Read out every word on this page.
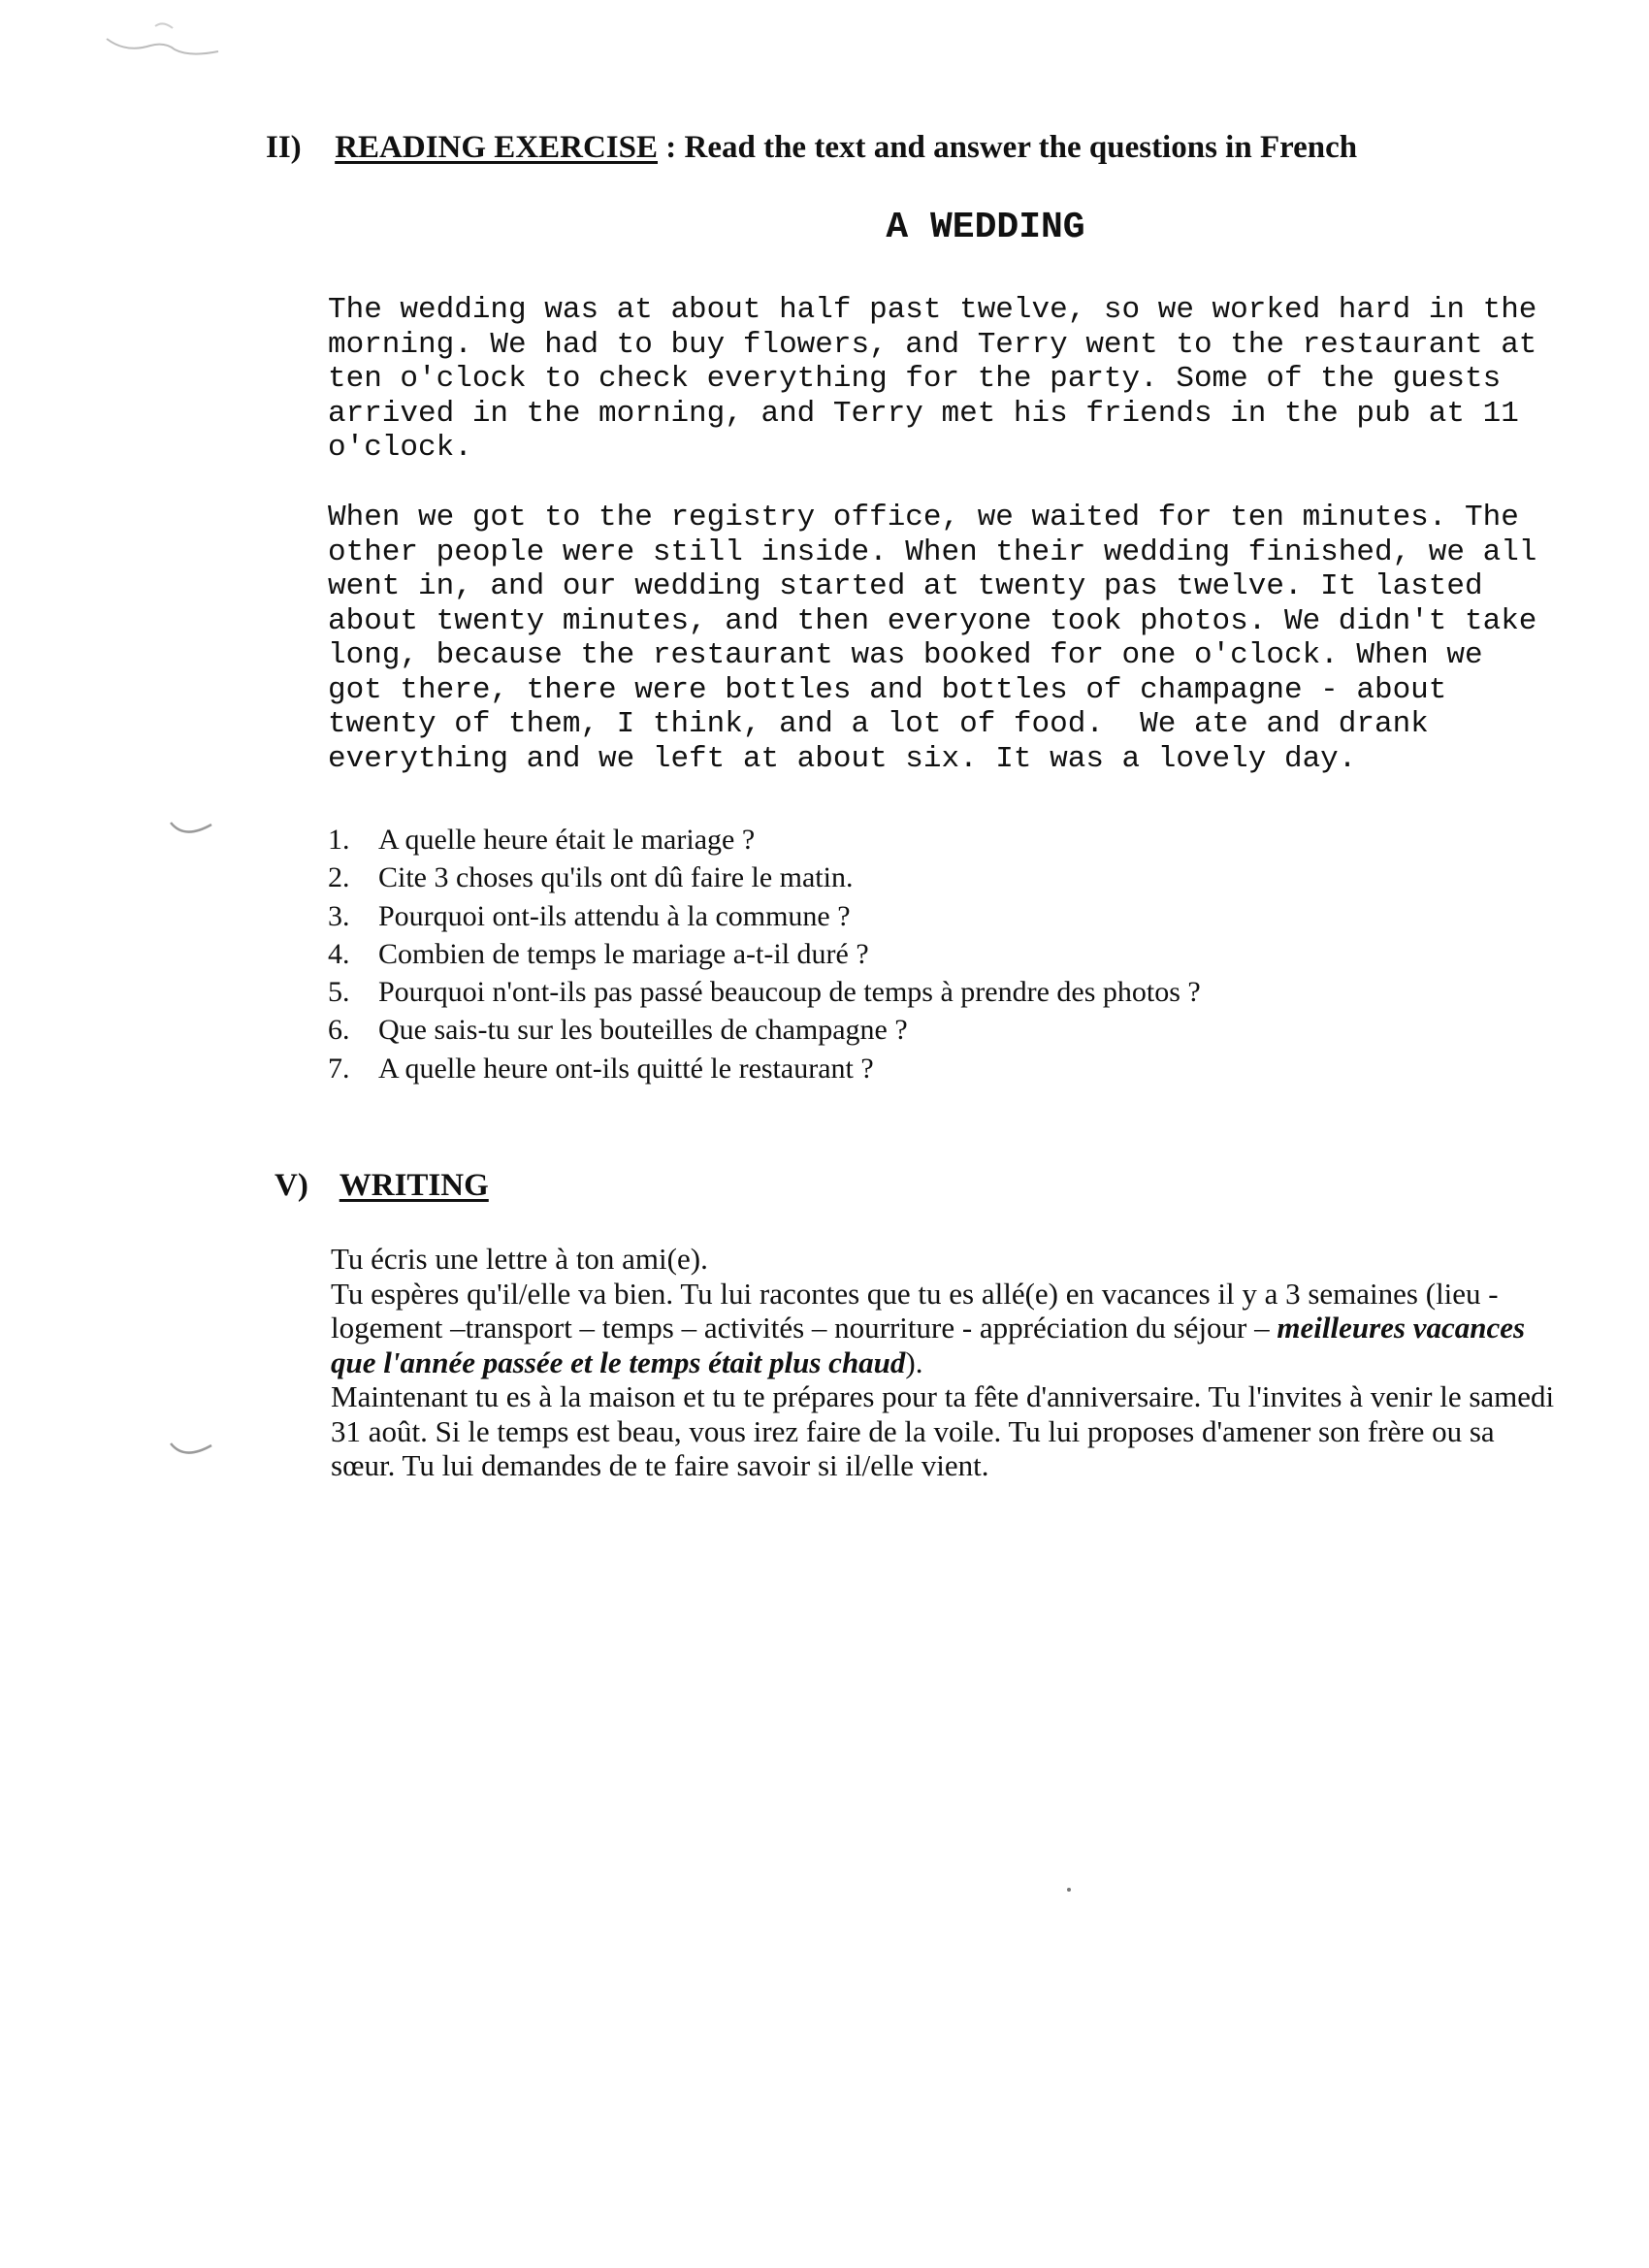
II) READING EXERCISE : Read the text and answer the questions in French
A WEDDING
The wedding was at about half past twelve, so we worked hard in the
morning. We had to buy flowers, and Terry went to the restaurant at
ten o'clock to check everything for the party. Some of the guests
arrived in the morning, and Terry met his friends in the pub at 11
o'clock.
When we got to the registry office, we waited for ten minutes. The
other people were still inside. When their wedding finished, we all
went in, and our wedding started at twenty pas twelve. It lasted
about twenty minutes, and then everyone took photos. We didn't take
long, because the restaurant was booked for one o'clock. When we
got there, there were bottles and bottles of champagne - about
twenty of them, I think, and a lot of food.  We ate and drank
everything and we left at about six. It was a lovely day.
1. A quelle heure était le mariage ?
2. Cite 3 choses qu'ils ont dû faire le matin.
3. Pourquoi ont-ils attendu à la commune ?
4. Combien de temps le mariage a-t-il duré ?
5. Pourquoi n'ont-ils pas passé beaucoup de temps à prendre des photos ?
6. Que sais-tu sur les bouteilles de champagne ?
7. A quelle heure ont-ils quitté le restaurant ?
V) WRITING
Tu écris une lettre à ton ami(e).
Tu espères qu'il/elle va bien. Tu lui racontes que tu es allé(e) en vacances il y a 3 semaines (lieu -
logement –transport – temps – activités – nourriture - appréciation du séjour – meilleures vacances
que l'année passée et le temps était plus chaud).
Maintenant tu es à la maison et tu te prépares pour ta fête d'anniversaire. Tu l'invites à venir le samedi
31 août. Si le temps est beau, vous irez faire de la voile. Tu lui proposes d'amener son frère ou sa
sœur. Tu lui demandes de te faire savoir si il/elle vient.
